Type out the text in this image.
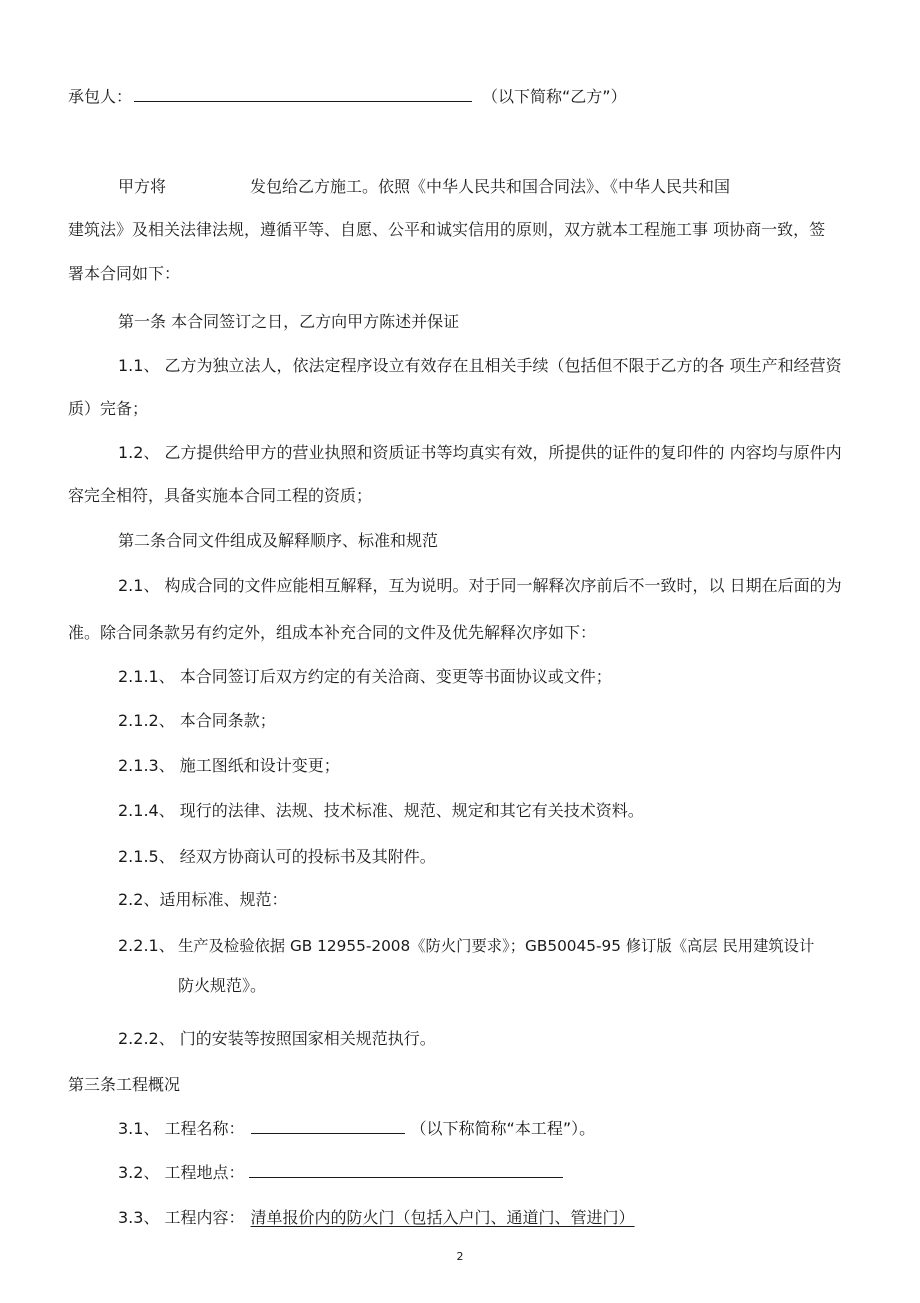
承包人：	（以下简称“乙方”）
甲方将	发包给乙方施工。依照《中华人民共和国合同法》、《中华人民共和国
建筑法》及相关法律法规，遵循平等、自愿、公平和诚实信用的原则，双方就本工程施工事 项协商一致，签
署本合同如下：
第一条 本合同签订之日，乙方向甲方陈述并保证
1.1、 乙方为独立法人，依法定程序设立有效存在且相关手续（包括但不限于乙方的各 项生产和经营资
质）完备；
1.2、 乙方提供给甲方的营业执照和资质证书等均真实有效，所提供的证件的复印件的 内容均与原件内
容完全相符，具备实施本合同工程的资质；
第二条合同文件组成及解释顺序、标准和规范
2.1、 构成合同的文件应能相互解释，互为说明。对于同一解释次序前后不一致时，以 日期在后面的为
准。除合同条款另有约定外，组成本补充合同的文件及优先解释次序如下：
2.1.1、 本合同签订后双方约定的有关洽商、变更等书面协议或文件；
2.1.2、 本合同条款；
2.1.3、 施工图纸和设计变更；
2.1.4、 现行的法律、法规、技术标准、规范、规定和其它有关技术资料。
2.1.5、 经双方协商认可的投标书及其附件。
2.2、适用标准、规范：
2.2.1、 生产及检验依据 GB 12955-2008《防火门要求》；GB50045-95 修订版《高层 民用建筑设计
防火规范》。
2.2.2、 门的安装等按照国家相关规范执行。
第三条工程概况
3.1、 工程名称：	（以下称简称“本工程”）。
3.2、 工程地点：
3.3、 工程内容： 清单报价内的防火门（包括入户门、通道门、管进门）
2
